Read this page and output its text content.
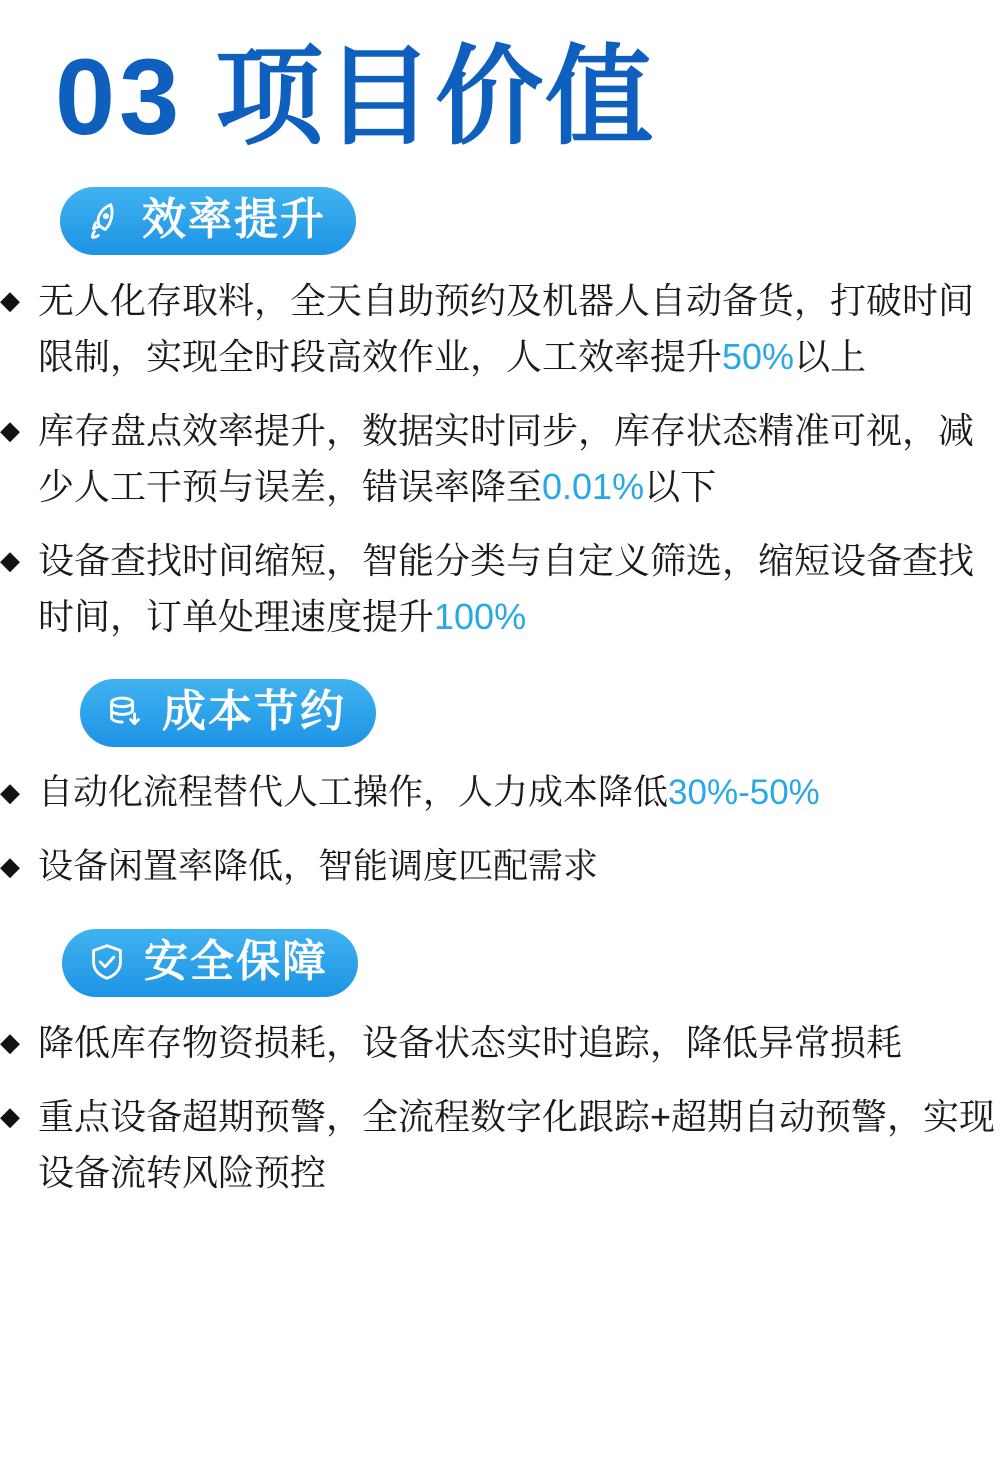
03 项目价值
效率提升
◆ 无人化存取料，全天自助预约及机器人自动备货，打破时间限制，实现全时段高效作业，人工效率提升50%以上
◆ 库存盘点效率提升，数据实时同步，库存状态精准可视，减少人工干预与误差，错误率降至0.01%以下
◆ 设备查找时间缩短，智能分类与自定义筛选，缩短设备查找时间，订单处理速度提升100%
成本节约
◆ 自动化流程替代人工操作，人力成本降低30%-50%
◆ 设备闲置率降低，智能调度匹配需求
安全保障
◆ 降低库存物资损耗，设备状态实时追踪，降低异常损耗
◆ 重点设备超期预警，全流程数字化跟踪+超期自动预警，实现设备流转风险预控
